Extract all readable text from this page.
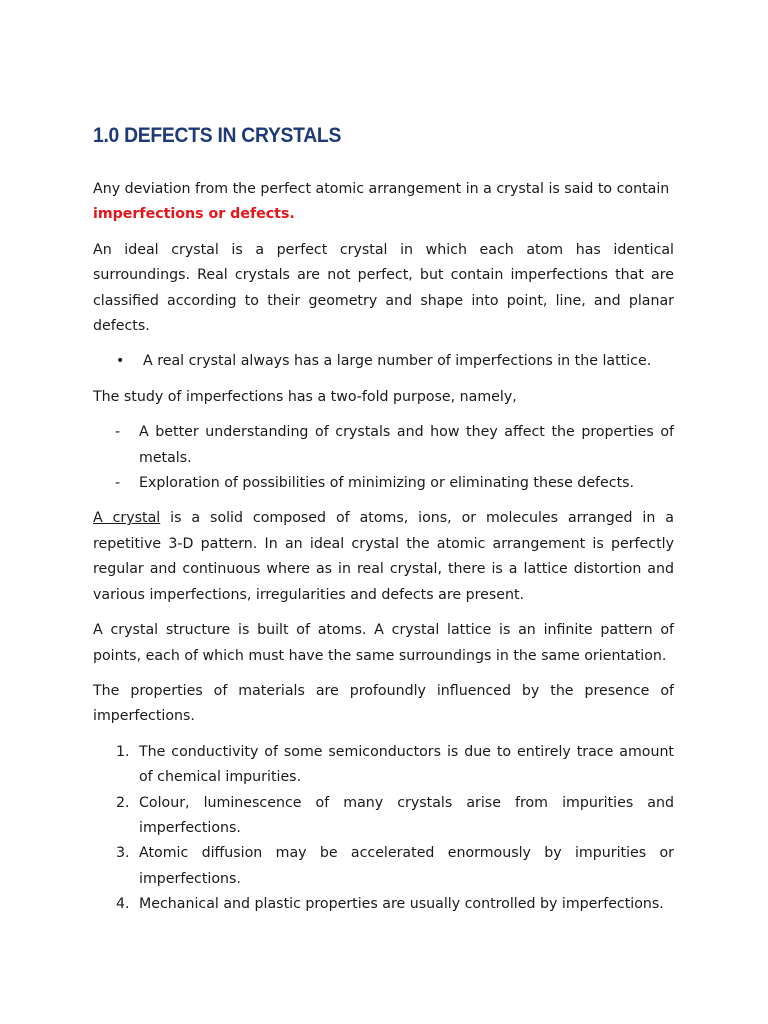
1.0 DEFECTS IN CRYSTALS

Any deviation from the perfect atomic arrangement in a crystal is said to contain
imperfections or defects.

An ideal crystal is a perfect crystal in which each atom has identical surroundings. Real crystals are not perfect, but contain imperfections that are classified according to their geometry and shape into point, line, and planar defects.

•	A real crystal always has a large number of imperfections in the lattice.

The study of imperfections has a two-fold purpose, namely,

-	A better understanding of crystals and how they affect the properties of metals.
-	Exploration of possibilities of minimizing or eliminating these defects.

A crystal is a solid composed of atoms, ions, or molecules arranged in a repetitive 3-D pattern. In an ideal crystal the atomic arrangement is perfectly regular and continuous where as in real crystal, there is a lattice distortion and various imperfections, irregularities and defects are present.

A crystal structure is built of atoms. A crystal lattice is an infinite pattern of points, each of which must have the same surroundings in the same orientation.

The properties of materials are profoundly influenced by the presence of imperfections.

1. The conductivity of some semiconductors is due to entirely trace amount of chemical impurities.
2. Colour, luminescence of many crystals arise from impurities and imperfections.
3. Atomic diffusion may be accelerated enormously by impurities or imperfections.
4. Mechanical and plastic properties are usually controlled by imperfections.
